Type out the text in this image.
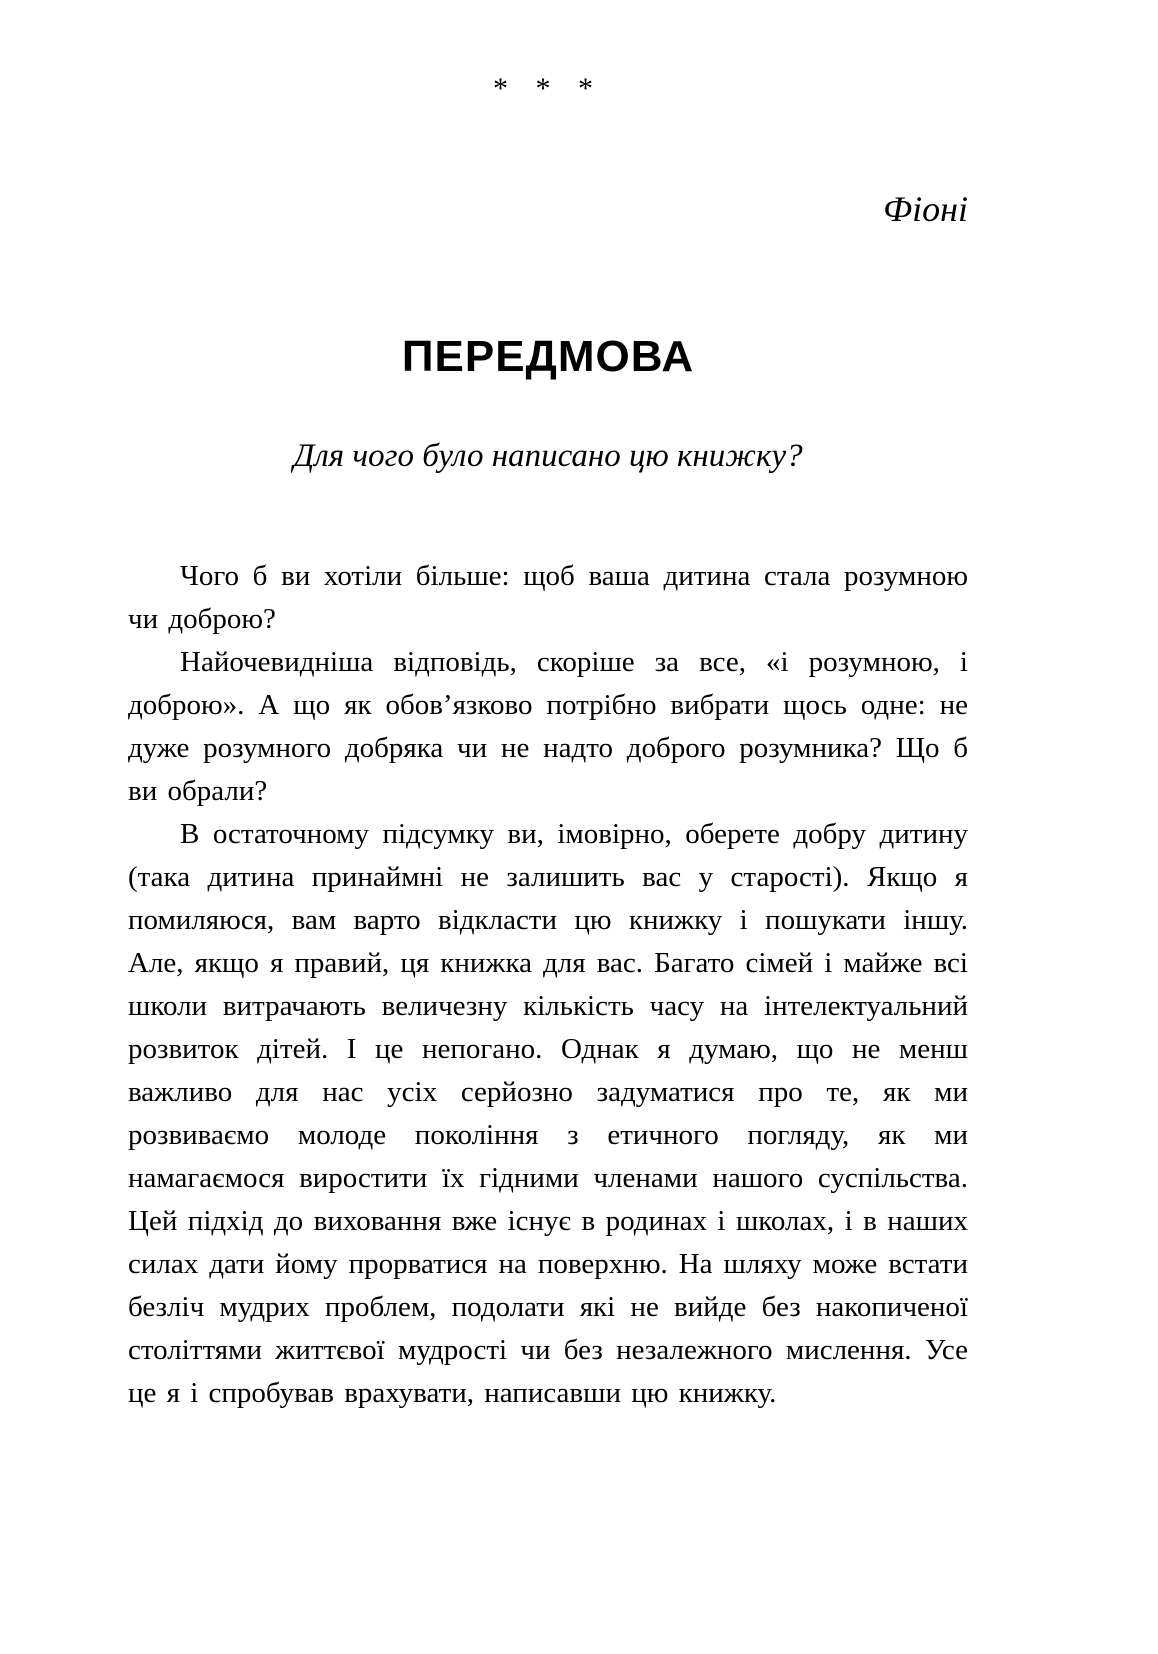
* * *
Фіоні
ПЕРЕДМОВА
Для чого було написано цю книжку?

Чого б ви хотіли більше: щоб ваша дитина стала розумною чи доброю?

Найочевидніша відповідь, скоріше за все, «і розумною, і доброю». А що як обов’язково потрібно вибрати щось одне: не дуже розумного добряка чи не надто доброго розумника? Що б ви обрали?

В остаточному підсумку ви, імовірно, оберете добру дитину (така дитина принаймні не залишить вас у старості). Якщо я помиляюся, вам варто відкласти цю книжку і пошукати іншу. Але, якщо я правий, ця книжка для вас. Багато сімей і майже всі школи витрачають величезну кількість часу на інтелектуальний розвиток дітей. І це непогано. Однак я думаю, що не менш важливо для нас усіх серйозно задуматися про те, як ми розвиваємо молоде покоління з етичного погляду, як ми намагаємося виростити їх гідними членами нашого суспільства. Цей підхід до виховання вже існує в родинах і школах, і в наших силах дати йому прорватися на поверхню. На шляху може встати безліч мудрих проблем, подолати які не вийде без накопиченої століттями життєвої мудрості чи без незалежного мислення. Усе це я і спробував врахувати, написавши цю книжку.
